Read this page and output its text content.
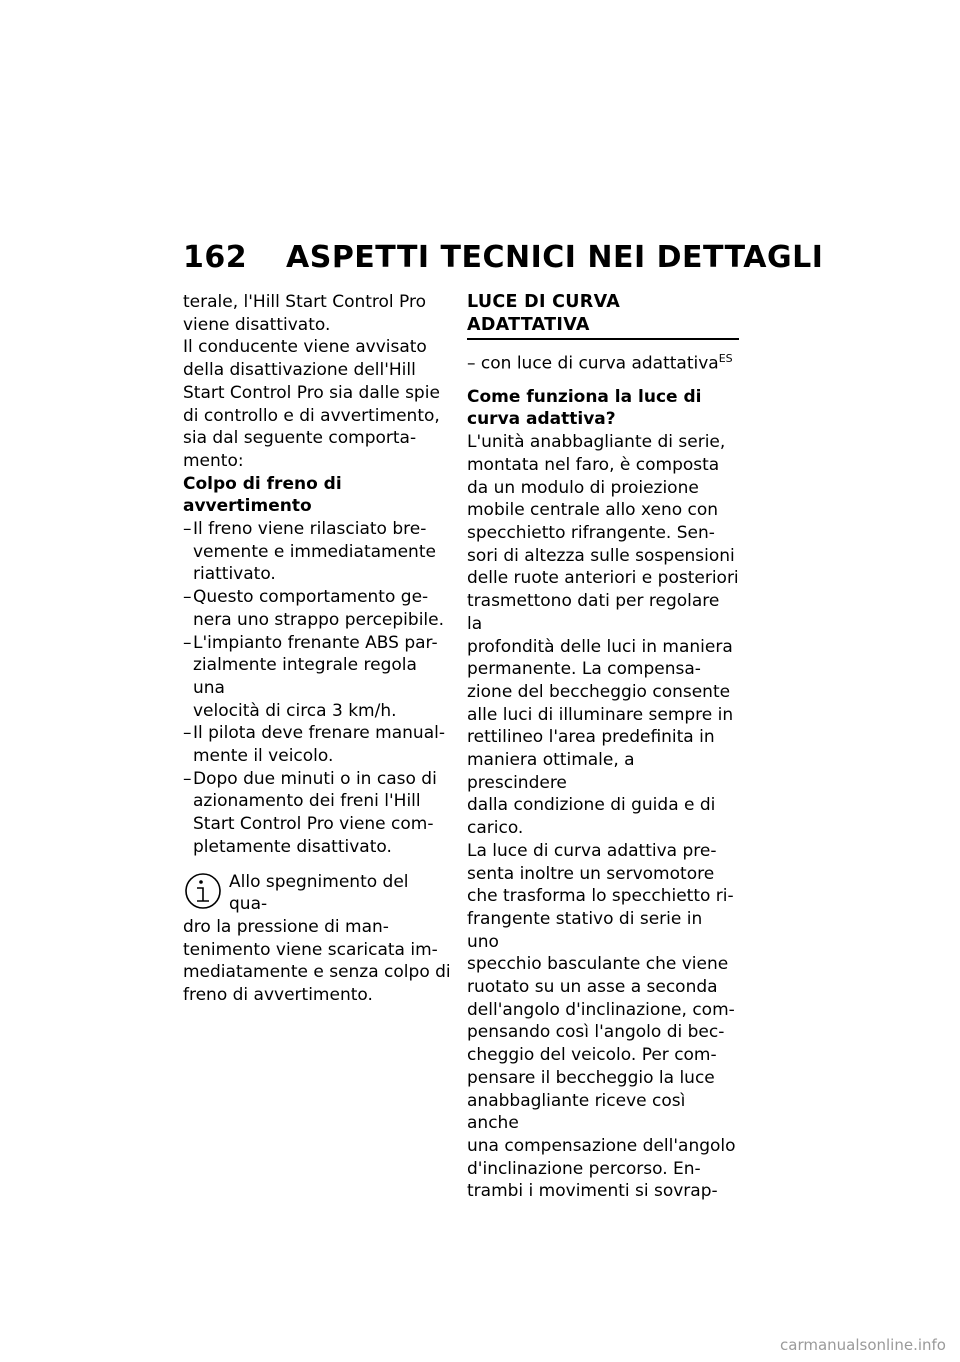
162	ASPETTI TECNICI NEI DETTAGLI
terale, l'Hill Start Control Pro
viene disattivato.
Il conducente viene avvisato
della disattivazione dell'Hill
Start Control Pro sia dalle spie
di controllo e di avvertimento,
sia dal seguente comporta-
mento:
Colpo di freno di
avvertimento
– Il freno viene rilasciato bre-
vemente e immediatamente
riattivato.
– Questo comportamento ge-
nera uno strappo percepibile.
– L'impianto frenante ABS par-
zialmente integrale regola una
velocità di circa 3 km/h.
– Il pilota deve frenare manual-
mente il veicolo.
– Dopo due minuti o in caso di
azionamento dei freni l'Hill
Start Control Pro viene com-
pletamente disattivato.
Allo spegnimento del qua-
dro la pressione di man-
tenimento viene scaricata im-
mediatamente e senza colpo di
freno di avvertimento.
LUCE DI CURVA ADATTATIVA
– con luce di curva adattativa$^{ES}$
Come funziona la luce di
curva adattiva?
L'unità anabbagliante di serie,
montata nel faro, è composta
da un modulo di proiezione
mobile centrale allo xeno con
specchietto rifrangente. Sen-
sori di altezza sulle sospensioni
delle ruote anteriori e posteriori
trasmettono dati per regolare la
profondità delle luci in maniera
permanente. La compensa-
zione del beccheggio consente
alle luci di illuminare sempre in
rettilineo l'area predefinita in
maniera ottimale, a prescindere
dalla condizione di guida e di
carico.
La luce di curva adattiva pre-
senta inoltre un servomotore
che trasforma lo specchietto ri-
frangente stativo di serie in uno
specchio basculante che viene
ruotato su un asse a seconda
dell'angolo d'inclinazione, com-
pensando così l'angolo di bec-
cheggio del veicolo. Per com-
pensare il beccheggio la luce
anabbagliante riceve così anche
una compensazione dell'angolo
d'inclinazione percorso. En-
trambi i movimenti si sovrap-
carmanualsonline.info
